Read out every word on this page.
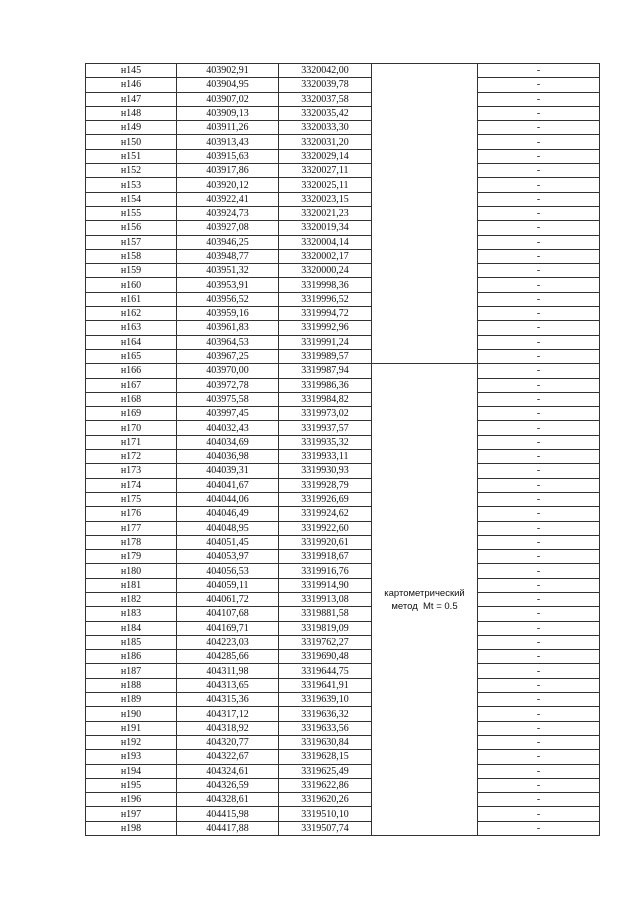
н145	403902,91	3320042,00		-
н146	403904,95	3320039,78		-
н147	403907,02	3320037,58		-
н148	403909,13	3320035,42		-
н149	403911,26	3320033,30		-
н150	403913,43	3320031,20		-
н151	403915,63	3320029,14		-
н152	403917,86	3320027,11		-
н153	403920,12	3320025,11		-
н154	403922,41	3320023,15		-
н155	403924,73	3320021,23		-
н156	403927,08	3320019,34		-
н157	403946,25	3320004,14		-
н158	403948,77	3320002,17		-
н159	403951,32	3320000,24		-
н160	403953,91	3319998,36		-
н161	403956,52	3319996,52		-
н162	403959,16	3319994,72		-
н163	403961,83	3319992,96		-
н164	403964,53	3319991,24		-
н165	403967,25	3319989,57		-
н166	403970,00	3319987,94	картометрический
метод  Mt = 0.5	-
н167	403972,78	3319986,36		-
н168	403975,58	3319984,82		-
н169	403997,45	3319973,02		-
н170	404032,43	3319937,57		-
н171	404034,69	3319935,32		-
н172	404036,98	3319933,11		-
н173	404039,31	3319930,93		-
н174	404041,67	3319928,79		-
н175	404044,06	3319926,69		-
н176	404046,49	3319924,62		-
н177	404048,95	3319922,60		-
н178	404051,45	3319920,61		-
н179	404053,97	3319918,67		-
н180	404056,53	3319916,76		-
н181	404059,11	3319914,90		-
н182	404061,72	3319913,08		-
н183	404107,68	3319881,58		-
н184	404169,71	3319819,09		-
н185	404223,03	3319762,27		-
н186	404285,66	3319690,48		-
н187	404311,98	3319644,75		-
н188	404313,65	3319641,91		-
н189	404315,36	3319639,10		-
н190	404317,12	3319636,32		-
н191	404318,92	3319633,56		-
н192	404320,77	3319630,84		-
н193	404322,67	3319628,15		-
н194	404324,61	3319625,49		-
н195	404326,59	3319622,86		-
н196	404328,61	3319620,26		-
н197	404415,98	3319510,10		-
н198	404417,88	3319507,74		-
